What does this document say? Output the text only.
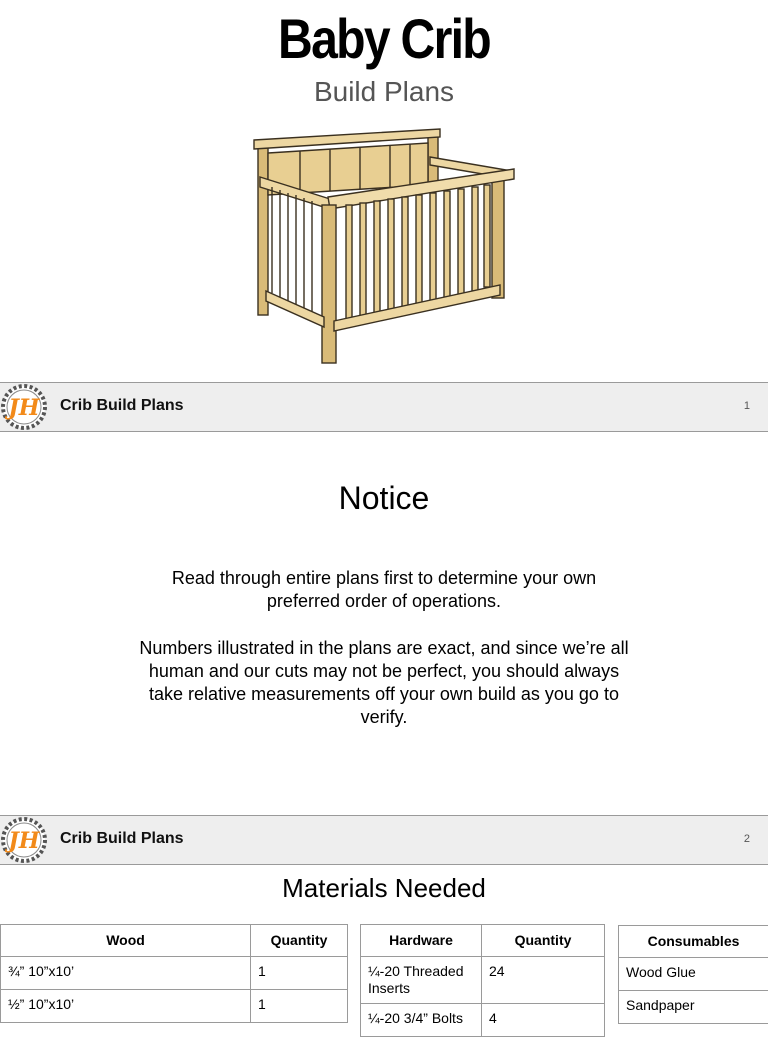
Baby Crib
Build Plans
JH Crib Build Plans	1
Notice

Read through entire plans first to determine your own preferred order of operations.

Numbers illustrated in the plans are exact, and since we’re all human and our cuts may not be perfect, you should always take relative measurements off your own build as you go to verify.

JH Crib Build Plans	2
Materials Needed
Wood	Quantity
¾” 10”x10’	1
½” 10”x10’	1
Hardware	Quantity
¼-20 Threaded Inserts	24
¼-20 3/4” Bolts	4
Consumables
Wood Glue
Sandpaper
